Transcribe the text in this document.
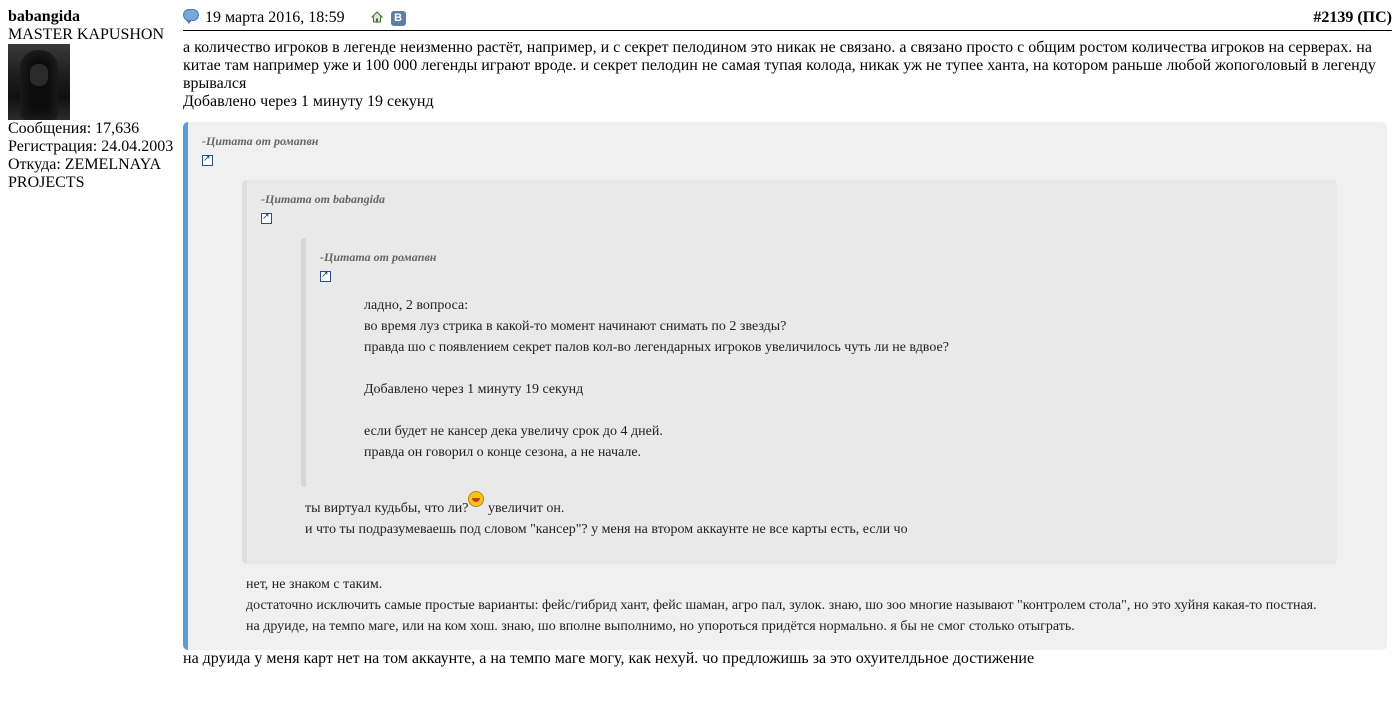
babangida
MASTER KAPUSHON
Сообщения: 17,636
Регистрация: 24.04.2003
Откуда: ZEMELNAYA PROJECTS
19 марта 2016, 18:59	В	#2139 (ПС)

а количество игроков в легенде неизменно растёт, например, и с секрет пелодином это никак не связано. а связано просто с общим ростом количества игроков на серверах. на китае там например уже и 100 000 легенды играют вроде. и секрет пелодин не самая тупая колода, никак уж не тупее ханта, на котором раньше любой жопоголовый в легенду врывался

Добавлено через 1 минуту 19 секунд

-Цитата от ромапвн
↗
-Цитата от babangida
↗
-Цитата от ромапвн
↗
ладно, 2 вопроса:
во время луз стрика в какой-то момент начинают снимать по 2 звезды?
правда шо с появлением секрет палов кол-во легендарных игроков увеличилось чуть ли не вдвое?
Добавлено через 1 минуту 19 секунд
если будет не кансер дека увеличу срок до 4 дней.
правда он говорил о конце сезона, а не начале.
ты виртуал кудьбы, что ли? увеличит он.
и что ты подразумеваешь под словом "кансер"? у меня на втором аккаунте не все карты есть, если чо
нет, не знаком с таким.
достаточно исключить самые простые варианты: фейс/гибрид хант, фейс шаман, агро пал, зулок. знаю, шо зоо многие называют "контролем стола", но это хуйня какая-то постная.
на друиде, на темпо маге, или на ком хош. знаю, шо вполне выполнимо, но упороться придётся нормально. я бы не смог столько отыграть.

на друида у меня карт нет на том аккаунте, а на темпо маге могу, как нехуй. чо предложишь за это охуителдьное достижение
